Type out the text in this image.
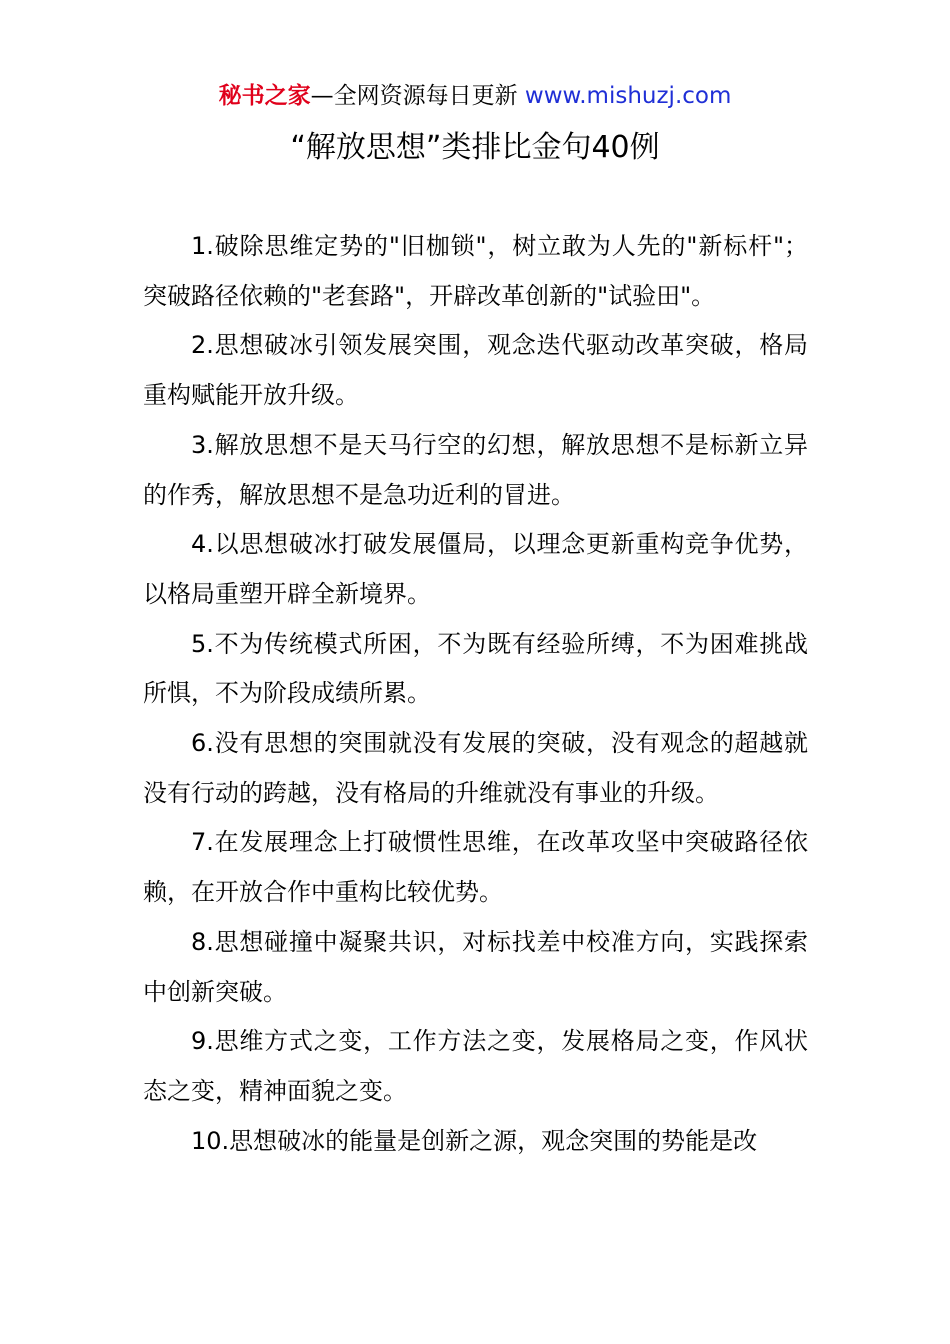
秘书之家—全网资源每日更新 www.mishuzj.com
“解放思想”类排比金句40例

1.破除思维定势的"旧枷锁"，树立敢为人先的"新标杆"；突破路径依赖的"老套路"，开辟改革创新的"试验田"。

2.思想破冰引领发展突围，观念迭代驱动改革突破，格局重构赋能开放升级。

3.解放思想不是天马行空的幻想，解放思想不是标新立异的作秀，解放思想不是急功近利的冒进。

4.以思想破冰打破发展僵局，以理念更新重构竞争优势，以格局重塑开辟全新境界。

5.不为传统模式所困，不为既有经验所缚，不为困难挑战所惧，不为阶段成绩所累。

6.没有思想的突围就没有发展的突破，没有观念的超越就没有行动的跨越，没有格局的升维就没有事业的升级。

7.在发展理念上打破惯性思维，在改革攻坚中突破路径依赖，在开放合作中重构比较优势。

8.思想碰撞中凝聚共识，对标找差中校准方向，实践探索中创新突破。

9.思维方式之变，工作方法之变，发展格局之变，作风状态之变，精神面貌之变。

10.思想破冰的能量是创新之源，观念突围的势能是改
